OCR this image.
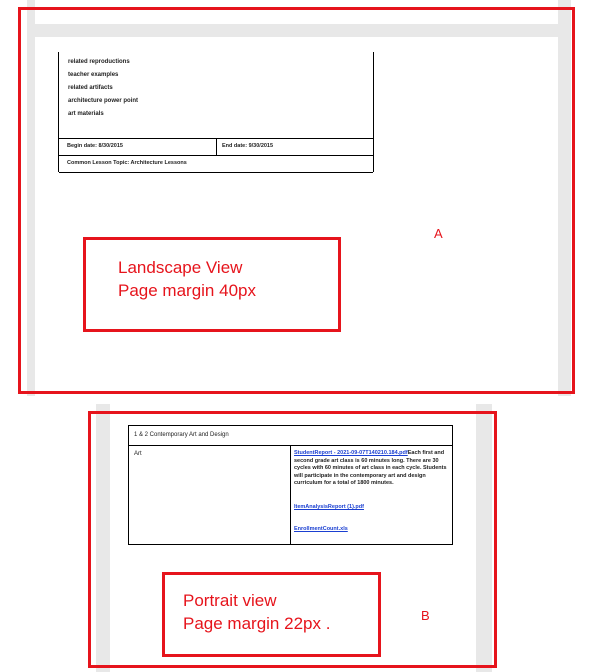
related reproductions
teacher examples
related artifacts
architecture power point
art materials
Begin date: 8/30/2015	End date: 9/30/2015
Common Lesson Topic: Architecture Lessons
Landscape View
Page margin 40px
A
1 & 2 Contemporary Art and Design
Art	StudentReport - 2021-09-07T140210.184.pdfEach first and second grade art class is 60 minutes long. There are 30 cycles with 60 minutes of art class in each cycle. Students will participate in the contemporary art and design curriculum for a total of 1800 minutes.
ItemAnalysisReport (1).pdf
EnrollmentCount.xls
Portrait view
Page margin 22px .	B
